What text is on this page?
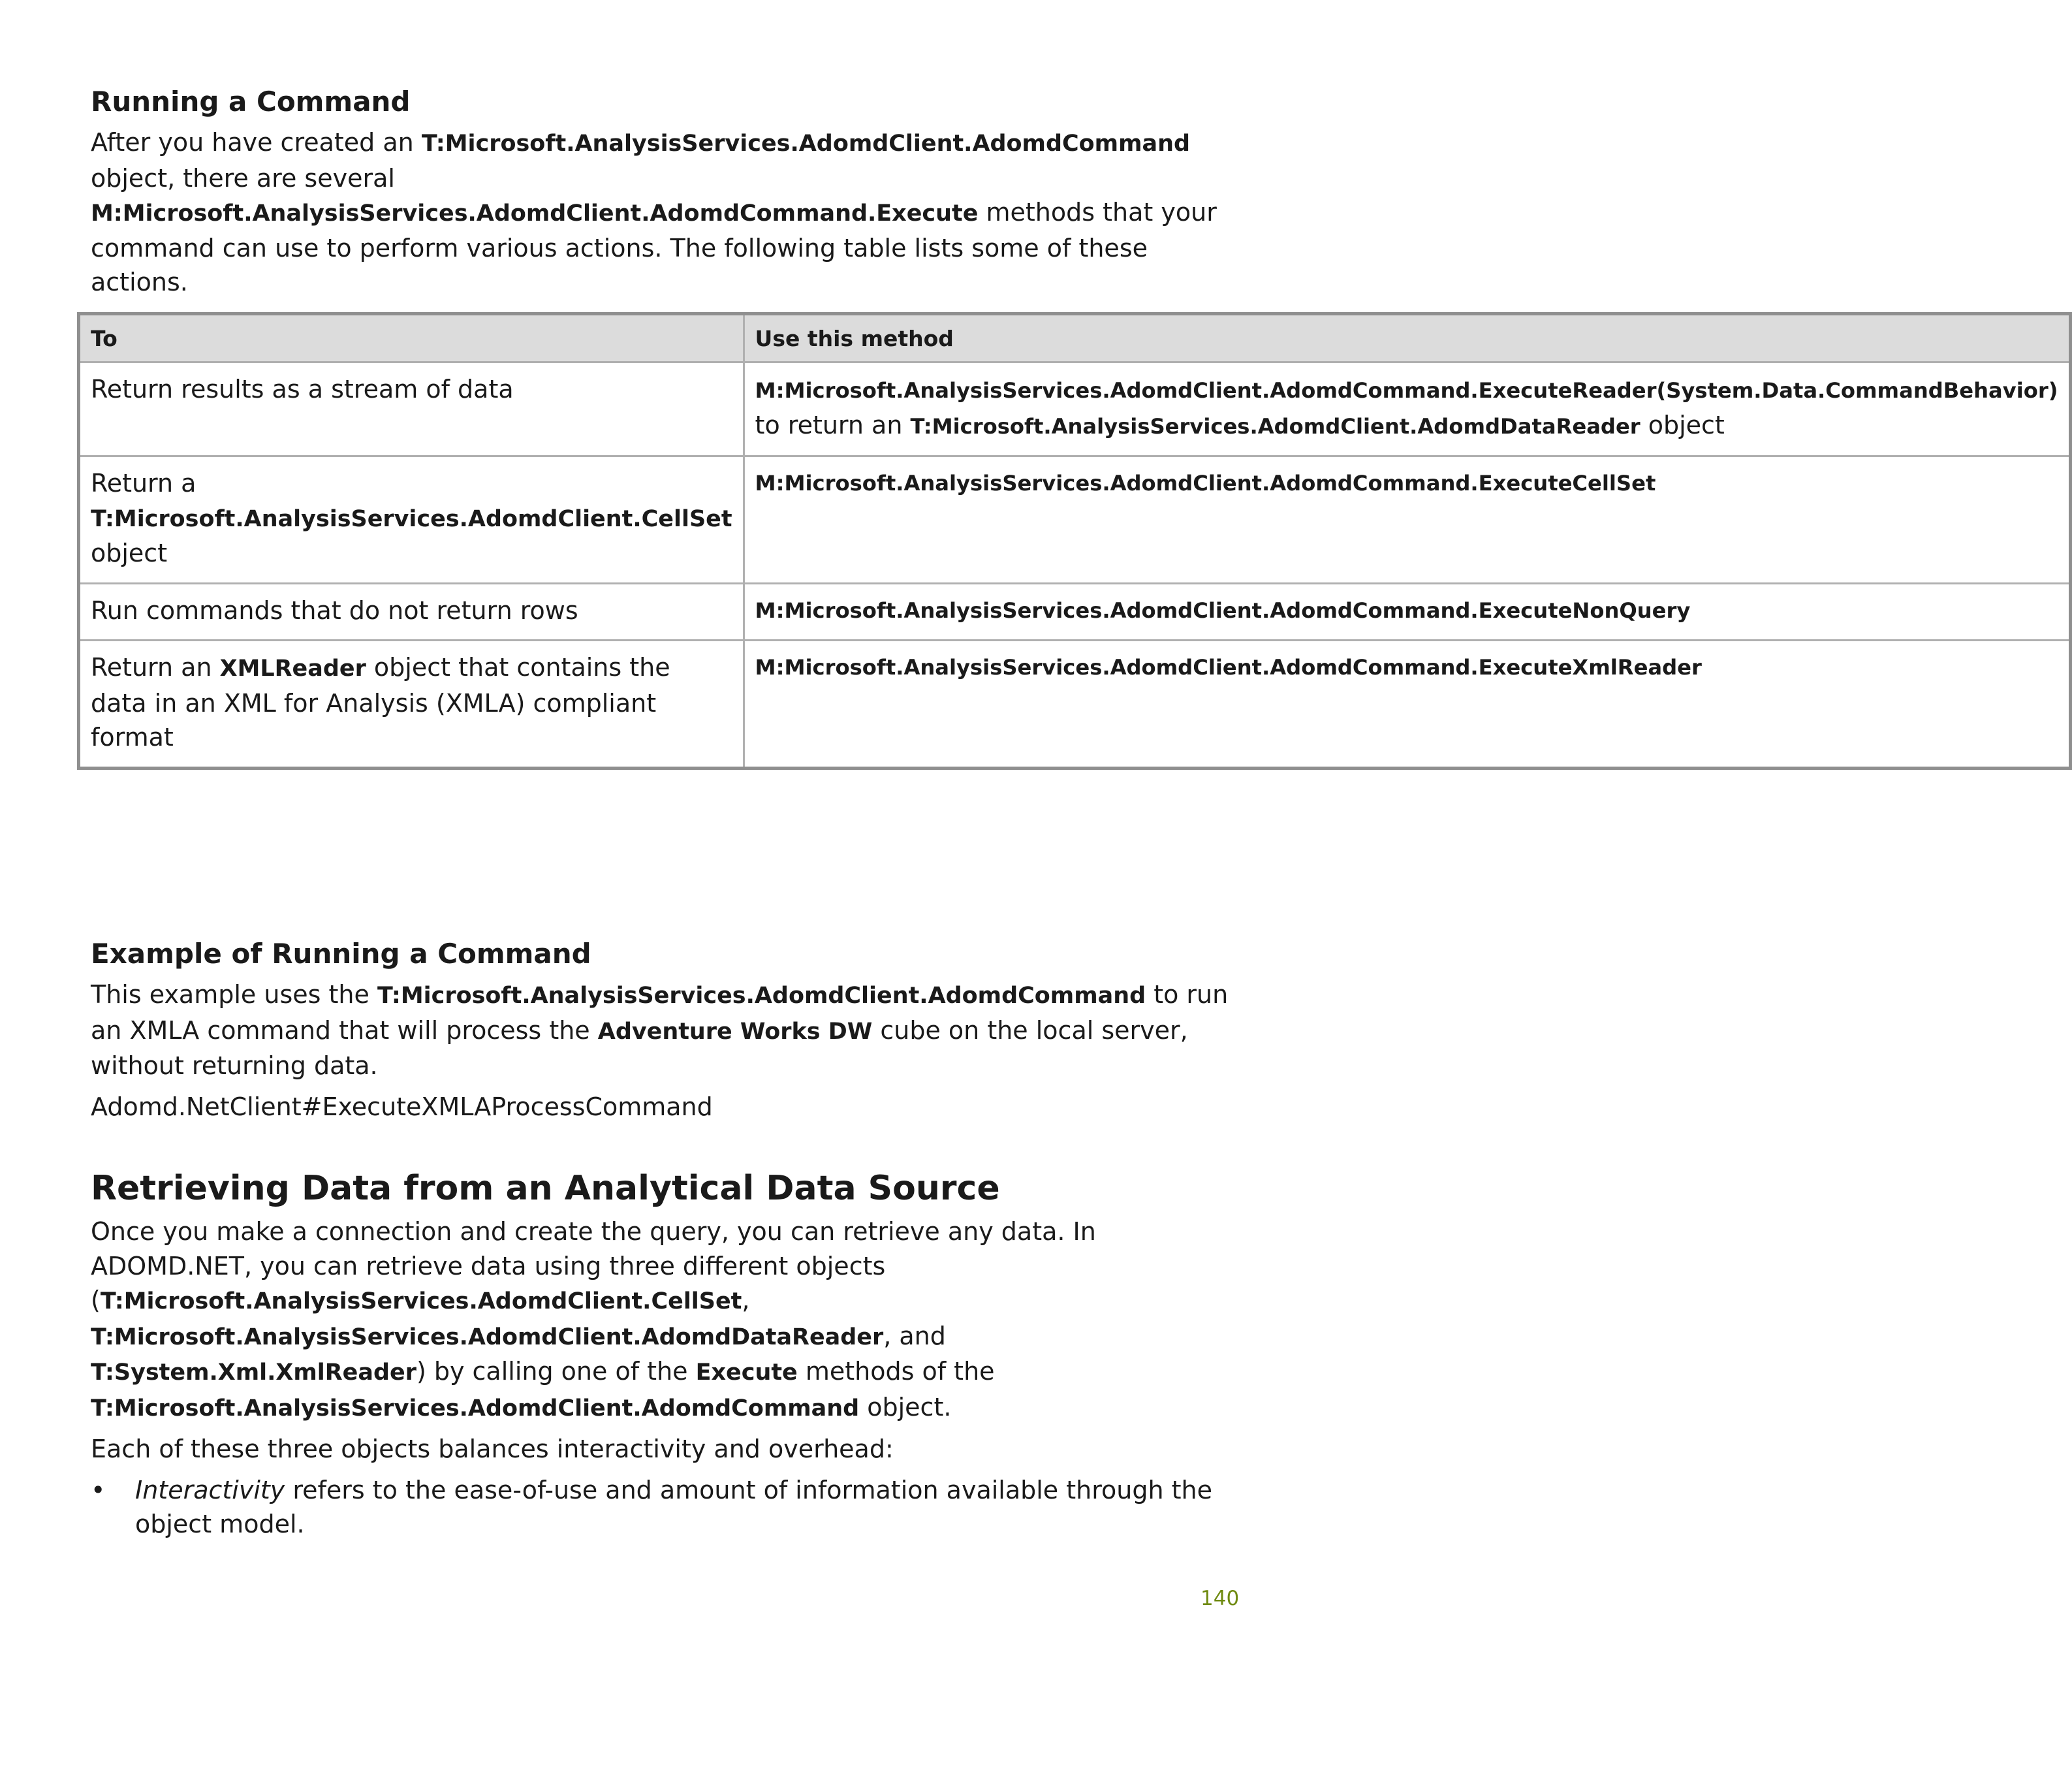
Running a Command

After you have created an T:Microsoft.AnalysisServices.AdomdClient.AdomdCommand object, there are several M:Microsoft.AnalysisServices.AdomdClient.AdomdCommand.Execute methods that your command can use to perform various actions. The following table lists some of these actions.

To	Use this method
Return results as a stream of data	M:Microsoft.AnalysisServices.AdomdClient.AdomdCommand.ExecuteReader(System.Data.CommandBehavior) to return an T:Microsoft.AnalysisServices.AdomdClient.AdomdDataReader object
Return a T:Microsoft.AnalysisServices.AdomdClient.CellSet object	M:Microsoft.AnalysisServices.AdomdClient.AdomdCommand.ExecuteCellSet
Run commands that do not return rows	M:Microsoft.AnalysisServices.AdomdClient.AdomdCommand.ExecuteNonQuery
Return an XMLReader object that contains the data in an XML for Analysis (XMLA) compliant format	M:Microsoft.AnalysisServices.AdomdClient.AdomdCommand.ExecuteXmlReader
Example of Running a Command

This example uses the T:Microsoft.AnalysisServices.AdomdClient.AdomdCommand to run an XMLA command that will process the Adventure Works DW cube on the local server, without returning data.

Adomd.NetClient#ExecuteXMLAProcessCommand

Retrieving Data from an Analytical Data Source

Once you make a connection and create the query, you can retrieve any data. In ADOMD.NET, you can retrieve data using three different objects (T:Microsoft.AnalysisServices.AdomdClient.CellSet, T:Microsoft.AnalysisServices.AdomdClient.AdomdDataReader, and T:System.Xml.XmlReader) by calling one of the Execute methods of the T:Microsoft.AnalysisServices.AdomdClient.AdomdCommand object.

Each of these three objects balances interactivity and overhead:

•	Interactivity refers to the ease-of-use and amount of information available through the object model.
140
